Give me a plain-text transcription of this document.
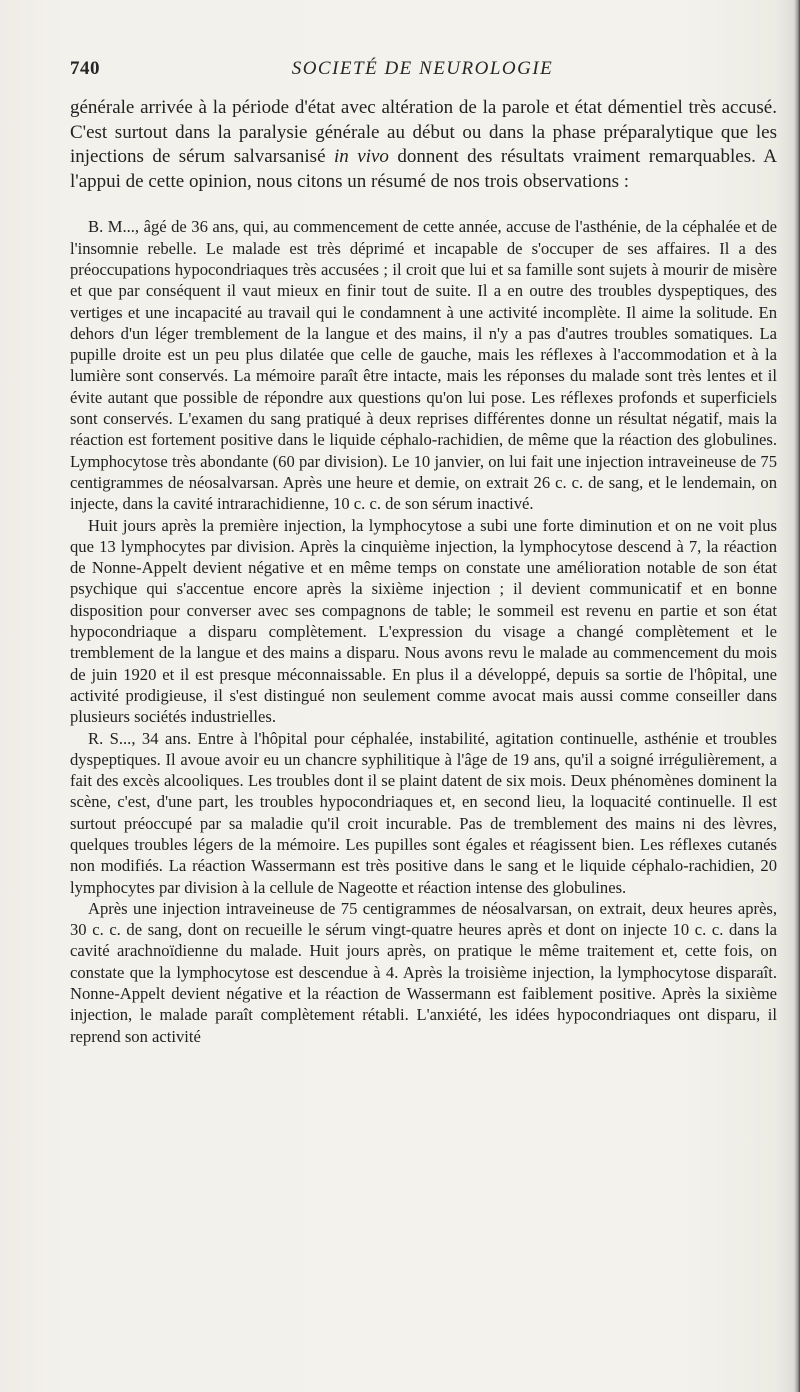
740	SOCIETÉ DE NEUROLOGIE

générale arrivée à la période d'état avec altération de la parole et état démentiel très accusé. C'est surtout dans la paralysie générale au début ou dans la phase préparalytique que les injections de sérum salvarsanisé in vivo donnent des résultats vraiment remarquables. A l'appui de cette opinion, nous citons un résumé de nos trois observations :

B. M..., âgé de 36 ans, qui, au commencement de cette année, accuse de l'asthénie, de la céphalée et de l'insomnie rebelle. Le malade est très déprimé et incapable de s'occuper de ses affaires. Il a des préoccupations hypocondriaques très accusées ; il croit que lui et sa famille sont sujets à mourir de misère et que par conséquent il vaut mieux en finir tout de suite. Il a en outre des troubles dyspeptiques, des vertiges et une incapacité au travail qui le condamnent à une activité incomplète. Il aime la solitude. En dehors d'un léger tremblement de la langue et des mains, il n'y a pas d'autres troubles somatiques. La pupille droite est un peu plus dilatée que celle de gauche, mais les réflexes à l'accommodation et à la lumière sont conservés. La mémoire paraît être intacte, mais les réponses du malade sont très lentes et il évite autant que possible de répondre aux questions qu'on lui pose. Les réflexes profonds et superficiels sont conservés. L'examen du sang pratiqué à deux reprises différentes donne un résultat négatif, mais la réaction est fortement positive dans le liquide céphalo-rachidien, de même que la réaction des globulines. Lymphocytose très abondante (60 par division). Le 10 janvier, on lui fait une injection intraveineuse de 75 centigrammes de néosalvarsan. Après une heure et demie, on extrait 26 c. c. de sang, et le lendemain, on injecte, dans la cavité intrarachidienne, 10 c. c. de son sérum inactivé.

Huit jours après la première injection, la lymphocytose a subi une forte diminution et on ne voit plus que 13 lymphocytes par division. Après la cinquième injection, la lymphocytose descend à 7, la réaction de Nonne-Appelt devient négative et en même temps on constate une amélioration notable de son état psychique qui s'accentue encore après la sixième injection ; il devient communicatif et en bonne disposition pour converser avec ses compagnons de table; le sommeil est revenu en partie et son état hypocondriaque a disparu complètement. L'expression du visage a changé complètement et le tremblement de la langue et des mains a disparu. Nous avons revu le malade au commencement du mois de juin 1920 et il est presque méconnaissable. En plus il a développé, depuis sa sortie de l'hôpital, une activité prodigieuse, il s'est distingué non seulement comme avocat mais aussi comme conseiller dans plusieurs sociétés industrielles.

R. S..., 34 ans. Entre à l'hôpital pour céphalée, instabilité, agitation continuelle, asthénie et troubles dyspeptiques. Il avoue avoir eu un chancre syphilitique à l'âge de 19 ans, qu'il a soigné irrégulièrement, a fait des excès alcooliques. Les troubles dont il se plaint datent de six mois. Deux phénomènes dominent la scène, c'est, d'une part, les troubles hypocondriaques et, en second lieu, la loquacité continuelle. Il est surtout préoccupé par sa maladie qu'il croit incurable. Pas de tremblement des mains ni des lèvres, quelques troubles légers de la mémoire. Les pupilles sont égales et réagissent bien. Les réflexes cutanés non modifiés. La réaction Wassermann est très positive dans le sang et le liquide céphalo-rachidien, 20 lymphocytes par division à la cellule de Nageotte et réaction intense des globulines.

Après une injection intraveineuse de 75 centigrammes de néosalvarsan, on extrait, deux heures après, 30 c. c. de sang, dont on recueille le sérum vingt-quatre heures après et dont on injecte 10 c. c. dans la cavité arachnoïdienne du malade. Huit jours après, on pratique le même traitement et, cette fois, on constate que la lymphocytose est descendue à 4. Après la troisième injection, la lymphocytose disparaît. Nonne-Appelt devient négative et la réaction de Wassermann est faiblement positive. Après la sixième injection, le malade paraît complètement rétabli. L'anxiété, les idées hypocondriaques ont disparu, il reprend son activité
